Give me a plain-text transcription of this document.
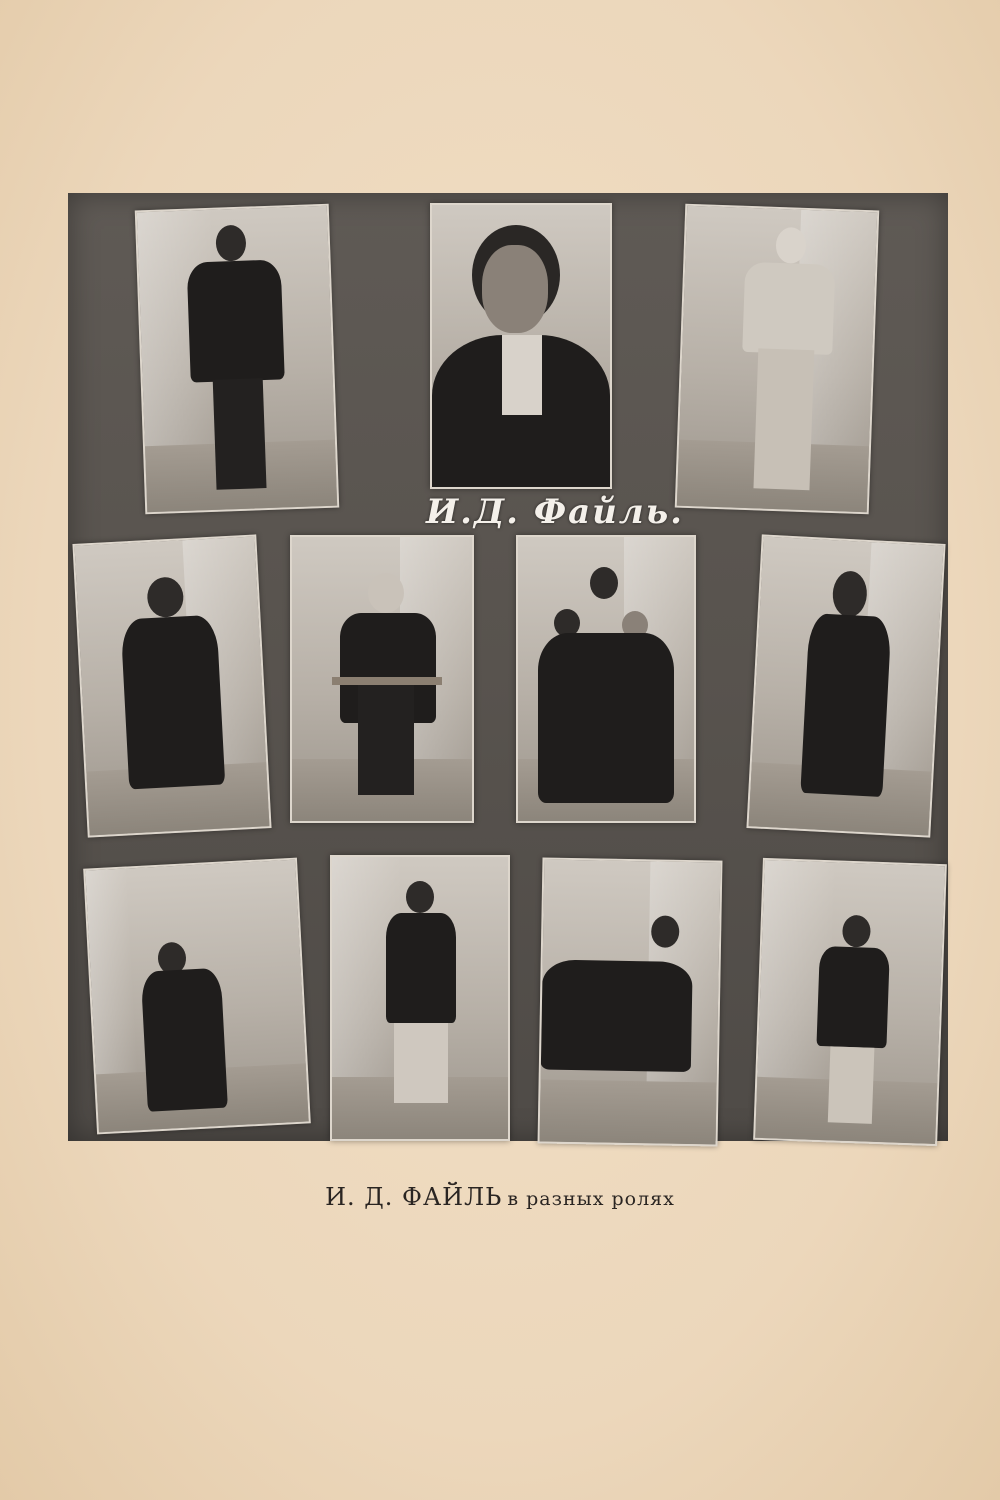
И.Д. Файль.
И. Д. ФАЙЛЬ в разных ролях
